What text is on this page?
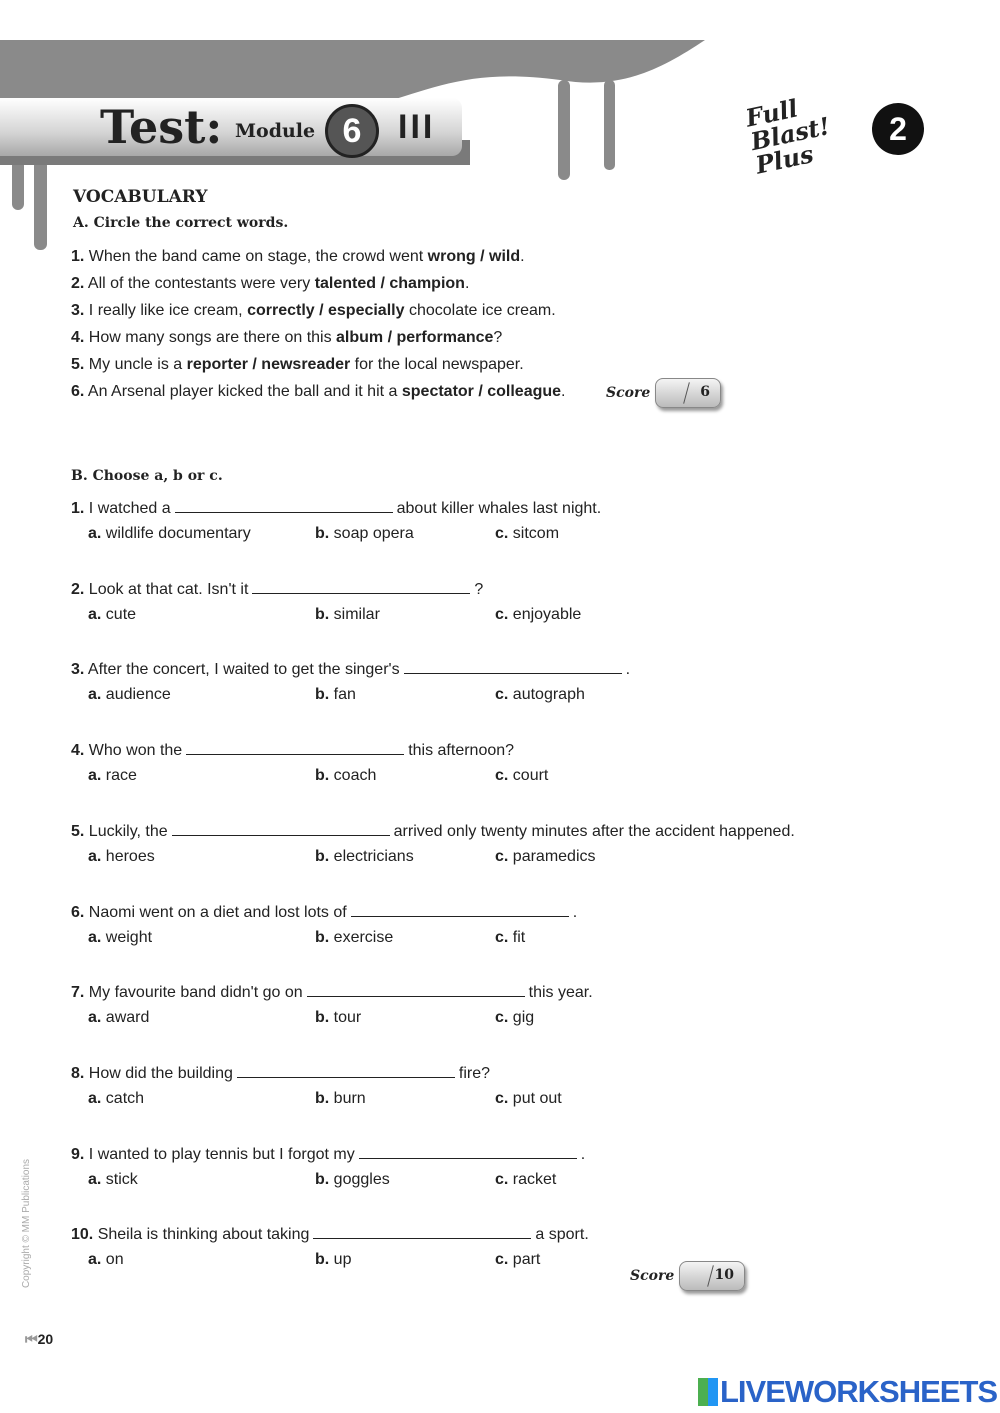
Test: Module 6	III	Full Blast! Plus
2
VOCABULARY
A. Circle the correct words.
1. When the band came on stage, the crowd went wrong / wild.
2. All of the contestants were very talented / champion.
3. I really like ice cream, correctly / especially chocolate ice cream.
4. How many songs are there on this album / performance?
5. My uncle is a reporter / newsreader for the local newspaper.
6. An Arsenal player kicked the ball and it hit a spectator / colleague.	Score	6
B. Choose a, b or c.
1. I watched a	about killer whales last night.
a. wildlife documentary	b. soap opera	c. sitcom
2. Look at that cat. Isn't it	?
a. cute	b. similar	c. enjoyable
3. After the concert, I waited to get the singer's	.
a. audience	b. fan	c. autograph
4. Who won the	this afternoon?
a. race	b. coach	c. court
5. Luckily, the	arrived only twenty minutes after the accident happened.
a. heroes	b. electricians	c. paramedics
6. Naomi went on a diet and lost lots of	.
a. weight	b. exercise	c. fit
7. My favourite band didn't go on	this year.
a. award	b. tour	c. gig
8. How did the building	fire?
a. catch	b. burn	c. put out
9. I wanted to play tennis but I forgot my	.
a. stick	b. goggles	c. racket
10. Sheila is thinking about taking	a sport.
a. on	b. up	c. part
Score	10
Copyright © MM Publications
⏮20
LIVEWORKSHEETS
